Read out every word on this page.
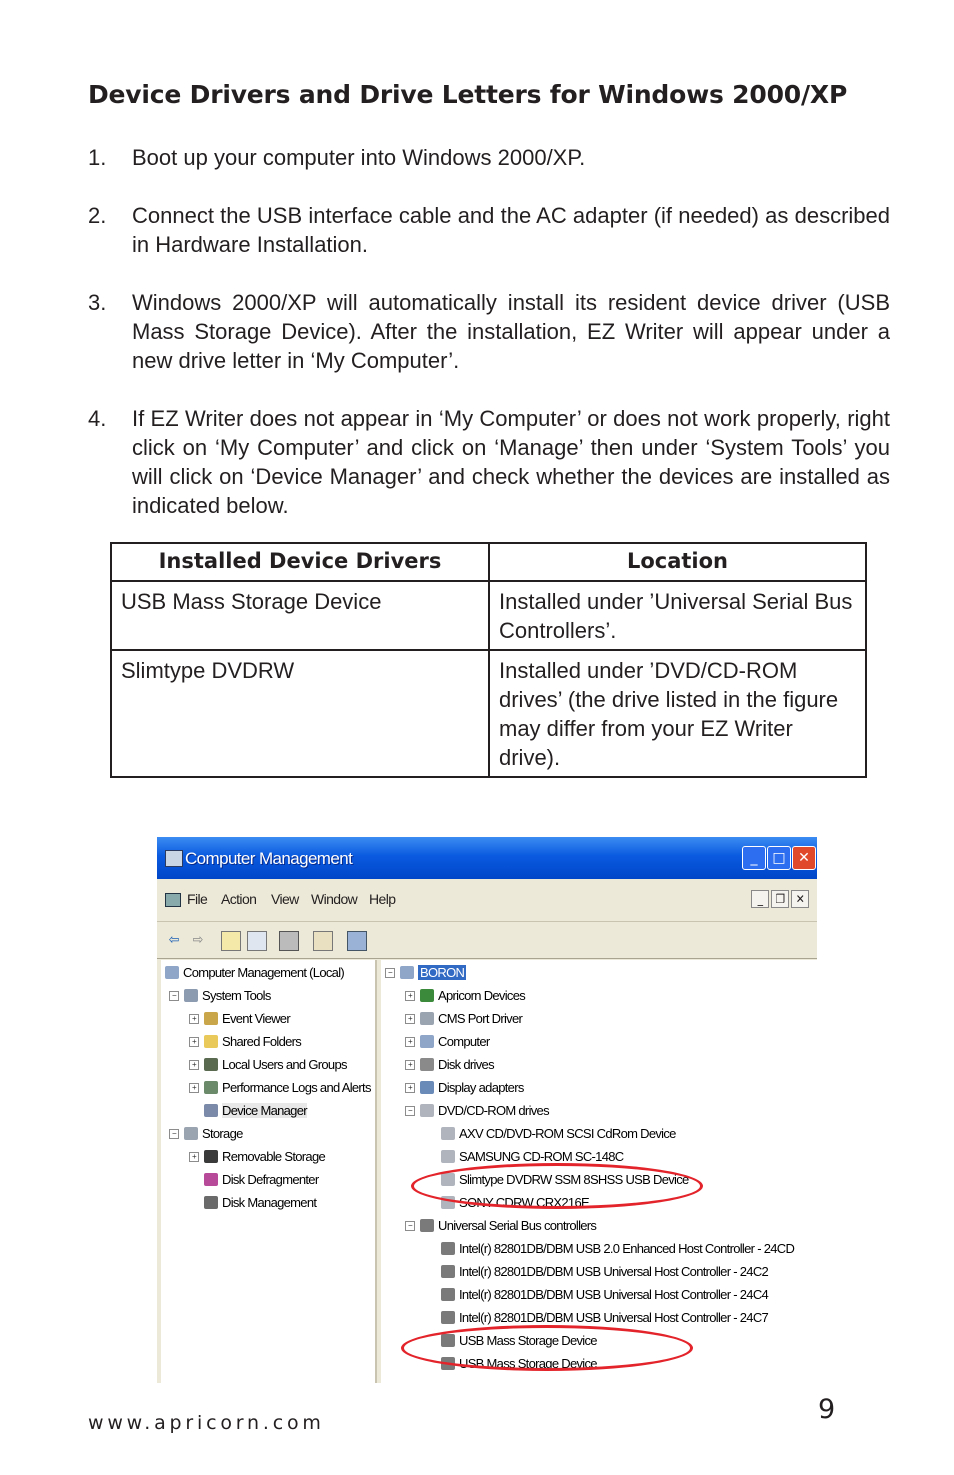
Device Drivers and Drive Letters for Windows 2000/XP
1. Boot up your computer into Windows 2000/XP.
2. Connect the USB interface cable and the AC adapter (if needed) as described in Hardware Installation.
3. Windows 2000/XP will automatically install its resident device driver (USB Mass Storage Device). After the installation, EZ Writer will appear under a new drive letter in ‘My Computer’.
4. If EZ Writer does not appear in ‘My Computer’ or does not work properly, right click on ‘My Computer’ and click on ‘Manage’ then under ‘System Tools’ you will click on ‘Device Manager’ and check whether the devices are installed as indicated below.
Installed Device Drivers	Location
USB Mass Storage Device	Installed under ’Universal Serial Bus Controllers’.
Slimtype DVDRW	Installed under ’DVD/CD-ROM drives’ (the drive listed in the figure may differ from your EZ Writer drive).
Computer Management	_	□ ✕
File Action View Window Help	_ ❐ ✕
⇦ ⇨
Computer Management (Local)
− System Tools
+ Event Viewer
+ Shared Folders
+ Local Users and Groups
+ Performance Logs and Alerts
Device Manager
− Storage
+ Removable Storage
Disk Defragmenter
Disk Management
− BORON
+ Apricorn Devices
+ CMS Port Driver
+ Computer
+ Disk drives
+ Display adapters
− DVD/CD-ROM drives
AXV CD/DVD-ROM SCSI CdRom Device
SAMSUNG CD-ROM SC-148C
Slimtype DVDRW SSM 8SHSS USB Device
SONY CDRW CRX216E
− Universal Serial Bus controllers
Intel(r) 82801DB/DBM USB 2.0 Enhanced Host Controller - 24CD
Intel(r) 82801DB/DBM USB Universal Host Controller - 24C2
Intel(r) 82801DB/DBM USB Universal Host Controller - 24C4
Intel(r) 82801DB/DBM USB Universal Host Controller - 24C7
USB Mass Storage Device
USB Mass Storage Device
www.apricorn.com	9
